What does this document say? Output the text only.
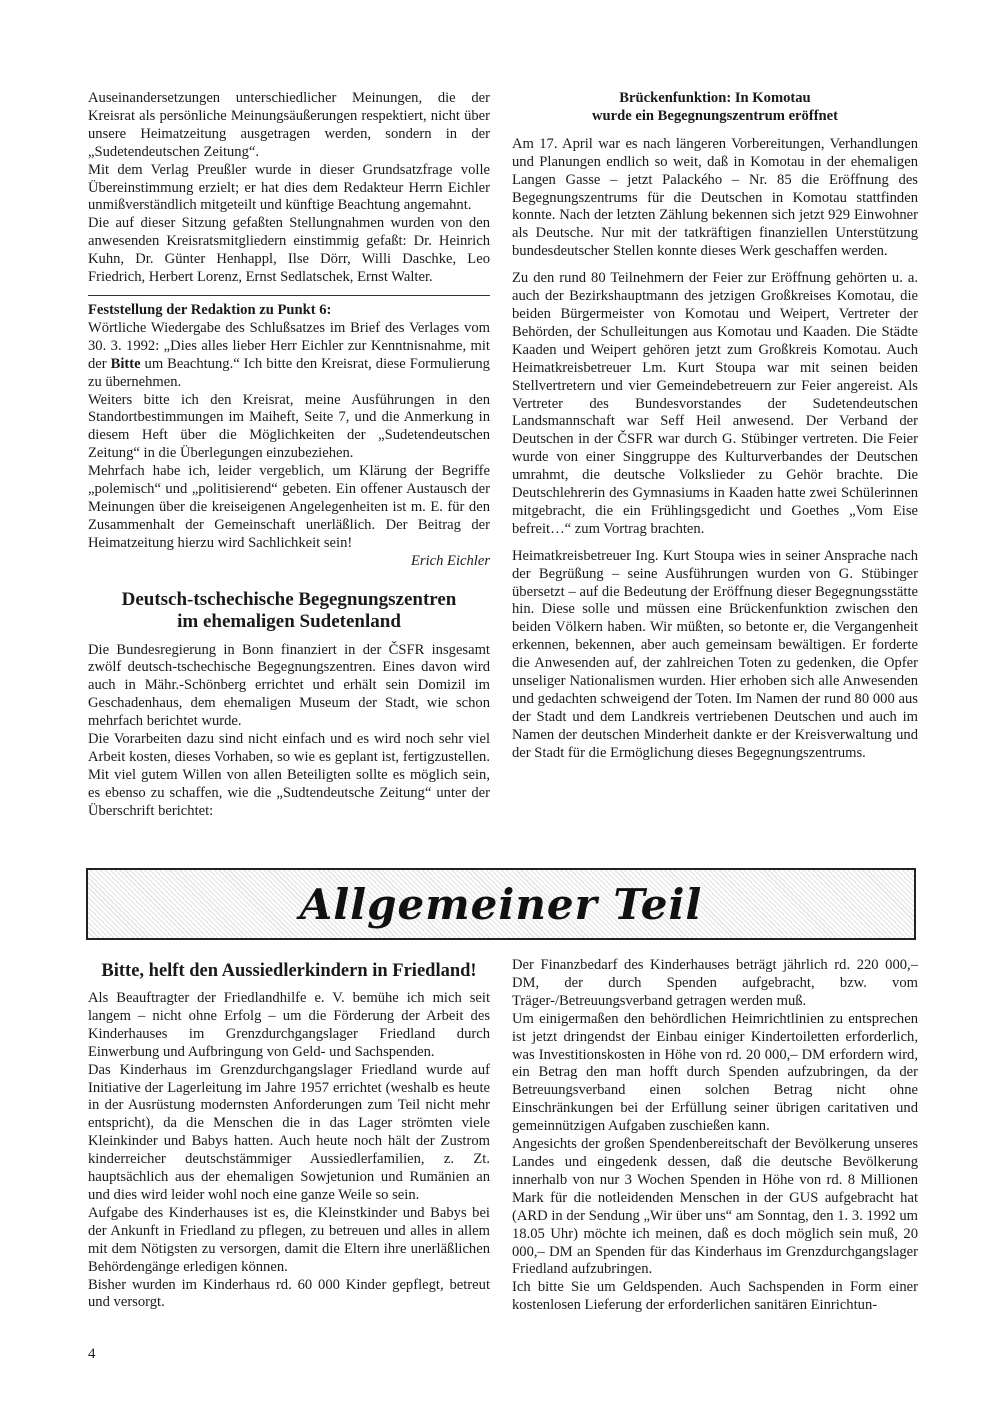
Auseinandersetzungen unterschiedlicher Meinungen, die der Kreisrat als persönliche Meinungsäußerungen respektiert, nicht über unsere Heimatzeitung ausgetragen werden, sondern in der „Sudetendeutschen Zeitung“.

Mit dem Verlag Preußler wurde in dieser Grundsatzfrage volle Übereinstimmung erzielt; er hat dies dem Redakteur Herrn Eichler unmißverständlich mitgeteilt und künftige Beachtung angemahnt.

Die auf dieser Sitzung gefaßten Stellungnahmen wurden von den anwesenden Kreisratsmitgliedern einstimmig gefaßt: Dr. Heinrich Kuhn, Dr. Günter Henhappl, Ilse Dörr, Willi Daschke, Leo Friedrich, Herbert Lorenz, Ernst Sedlatschek, Ernst Walter.

Feststellung der Redaktion zu Punkt 6:

Wörtliche Wiedergabe des Schlußsatzes im Brief des Verlages vom 30. 3. 1992: „Dies alles lieber Herr Eichler zur Kenntnisnahme, mit der Bitte um Beachtung.“ Ich bitte den Kreisrat, diese Formulierung zu übernehmen.

Weiters bitte ich den Kreisrat, meine Ausführungen in den Standortbestimmungen im Maiheft, Seite 7, und die Anmerkung in diesem Heft über die Möglichkeiten der „Sudetendeutschen Zeitung“ in die Überlegungen einzubeziehen.

Mehrfach habe ich, leider vergeblich, um Klärung der Begriffe „polemisch“ und „politisierend“ gebeten. Ein offener Austausch der Meinungen über die kreiseigenen Angelegenheiten ist m. E. für den Zusammenhalt der Gemeinschaft unerläßlich. Der Beitrag der Heimatzeitung hierzu wird Sachlichkeit sein!

Erich Eichler

Deutsch-tschechische Begegnungszentren
im ehemaligen Sudetenland

Die Bundesregierung in Bonn finanziert in der ČSFR insgesamt zwölf deutsch-tschechische Begegnungszentren. Eines davon wird auch in Mähr.-Schönberg errichtet und erhält sein Domizil im Geschadenhaus, dem ehemaligen Museum der Stadt, wie schon mehrfach berichtet wurde.

Die Vorarbeiten dazu sind nicht einfach und es wird noch sehr viel Arbeit kosten, dieses Vorhaben, so wie es geplant ist, fertigzustellen. Mit viel gutem Willen von allen Beteiligten sollte es möglich sein, es ebenso zu schaffen, wie die „Sudtendeutsche Zeitung“ unter der Überschrift berichtet:

Brückenfunktion: In Komotau
wurde ein Begegnungszentrum eröffnet

Am 17. April war es nach längeren Vorbereitungen, Verhandlungen und Planungen endlich so weit, daß in Komotau in der ehemaligen Langen Gasse – jetzt Palackého – Nr. 85 die Eröffnung des Begegnungszentrums für die Deutschen in Komotau stattfinden konnte. Nach der letzten Zählung bekennen sich jetzt 929 Einwohner als Deutsche. Nur mit der tatkräftigen finanziellen Unterstützung bundesdeutscher Stellen konnte dieses Werk geschaffen werden.

Zu den rund 80 Teilnehmern der Feier zur Eröffnung gehörten u. a. auch der Bezirkshauptmann des jetzigen Großkreises Komotau, die beiden Bürgermeister von Komotau und Weipert, Vertreter der Behörden, der Schulleitungen aus Komotau und Kaaden. Die Städte Kaaden und Weipert gehören jetzt zum Großkreis Komotau. Auch Heimatkreisbetreuer Lm. Kurt Stoupa war mit seinen beiden Stellvertretern und vier Gemeindebetreuern zur Feier angereist. Als Vertreter des Bundesvorstandes der Sudetendeutschen Landsmannschaft war Seff Heil anwesend. Der Verband der Deutschen in der ČSFR war durch G. Stübinger vertreten. Die Feier wurde von einer Singgruppe des Kulturverbandes der Deutschen umrahmt, die deutsche Volkslieder zu Gehör brachte. Die Deutschlehrerin des Gymnasiums in Kaaden hatte zwei Schülerinnen mitgebracht, die ein Frühlingsgedicht und Goethes „Vom Eise befreit…“ zum Vortrag brachten.

Heimatkreisbetreuer Ing. Kurt Stoupa wies in seiner Ansprache nach der Begrüßung – seine Ausführungen wurden von G. Stübinger übersetzt – auf die Bedeutung der Eröffnung dieser Begegnungsstätte hin. Diese solle und müssen eine Brückenfunktion zwischen den beiden Völkern haben. Wir müßten, so betonte er, die Vergangenheit erkennen, bekennen, aber auch gemeinsam bewältigen. Er forderte die Anwesenden auf, der zahlreichen Toten zu gedenken, die Opfer unseliger Nationalismen wurden. Hier erhoben sich alle Anwesenden und gedachten schweigend der Toten. Im Namen der rund 80 000 aus der Stadt und dem Landkreis vertriebenen Deutschen und auch im Namen der deutschen Minderheit dankte er der Kreisverwaltung und der Stadt für die Ermöglichung dieses Begegnungszentrums.

Allgemeiner Teil
Bitte, helft den Aussiedlerkindern in Friedland!

Als Beauftragter der Friedlandhilfe e. V. bemühe ich mich seit langem – nicht ohne Erfolg – um die Förderung der Arbeit des Kinderhauses im Grenzdurchgangslager Friedland durch Einwerbung und Aufbringung von Geld- und Sachspenden.

Das Kinderhaus im Grenzdurchgangslager Friedland wurde auf Initiative der Lagerleitung im Jahre 1957 errichtet (weshalb es heute in der Ausrüstung modernsten Anforderungen zum Teil nicht mehr entspricht), da die Menschen die in das Lager strömten viele Kleinkinder und Babys hatten. Auch heute noch hält der Zustrom kinderreicher deutschstämmiger Aussiedlerfamilien, z. Zt. hauptsächlich aus der ehemaligen Sowjetunion und Rumänien an und dies wird leider wohl noch eine ganze Weile so sein.

Aufgabe des Kinderhauses ist es, die Kleinstkinder und Babys bei der Ankunft in Friedland zu pflegen, zu betreuen und alles in allem mit dem Nötigsten zu versorgen, damit die Eltern ihre unerläßlichen Behördengänge erledigen können.

Bisher wurden im Kinderhaus rd. 60 000 Kinder gepflegt, betreut und versorgt.

Der Finanzbedarf des Kinderhauses beträgt jährlich rd. 220 000,– DM, der durch Spenden aufgebracht, bzw. vom Träger-/Betreuungsverband getragen werden muß.

Um einigermaßen den behördlichen Heimrichtlinien zu entsprechen ist jetzt dringendst der Einbau einiger Kindertoiletten erforderlich, was Investitionskosten in Höhe von rd. 20 000,– DM erfordern wird, ein Betrag den man hofft durch Spenden aufzubringen, da der Betreuungsverband einen solchen Betrag nicht ohne Einschränkungen bei der Erfüllung seiner übrigen caritativen und gemeinnützigen Aufgaben zuschießen kann.

Angesichts der großen Spendenbereitschaft der Bevölkerung unseres Landes und eingedenk dessen, daß die deutsche Bevölkerung innerhalb von nur 3 Wochen Spenden in Höhe von rd. 8 Millionen Mark für die notleidenden Menschen in der GUS aufgebracht hat (ARD in der Sendung „Wir über uns“ am Sonntag, den 1. 3. 1992 um 18.05 Uhr) möchte ich meinen, daß es doch möglich sein muß, 20 000,– DM an Spenden für das Kinderhaus im Grenzdurchgangslager Friedland aufzubringen.

Ich bitte Sie um Geldspenden. Auch Sachspenden in Form einer kostenlosen Lieferung der erforderlichen sanitären Einrichtun-

4
